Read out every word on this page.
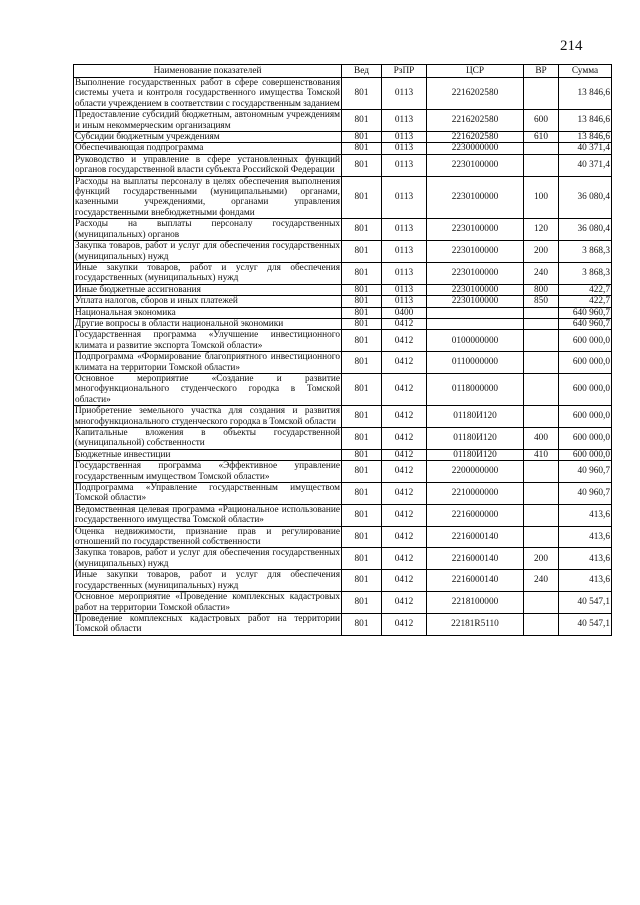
214
Наименование показателей	Вед	РзПР	ЦСР	ВР	Сумма
Выполнение государственных работ в сфере совершенствования системы учета и контроля государственного имущества Томской области учреждением в соответствии с государственным заданием	801	0113	2216202580		13 846,6
Предоставление субсидий бюджетным, автономным учреждениям и иным некоммерческим организациям	801	0113	2216202580	600	13 846,6
Субсидии бюджетным учреждениям	801	0113	2216202580	610	13 846,6
Обеспечивающая подпрограмма	801	0113	2230000000		40 371,4
Руководство и управление в сфере установленных функций органов государственной власти субъекта Российской Федерации	801	0113	2230100000		40 371,4
Расходы на выплаты персоналу в целях обеспечения выполнения функций государственными (муниципальными) органами, казенными учреждениями, органами управления государственными внебюджетными фондами	801	0113	2230100000	100	36 080,4
Расходы на выплаты персоналу государственных (муниципальных) органов	801	0113	2230100000	120	36 080,4
Закупка товаров, работ и услуг для обеспечения государственных (муниципальных) нужд	801	0113	2230100000	200	3 868,3
Иные закупки товаров, работ и услуг для обеспечения государственных (муниципальных) нужд	801	0113	2230100000	240	3 868,3
Иные бюджетные ассигнования	801	0113	2230100000	800	422,7
Уплата налогов, сборов и иных платежей	801	0113	2230100000	850	422,7
Национальная экономика	801	0400			640 960,7
Другие вопросы в области национальной экономики	801	0412			640 960,7
Государственная программа «Улучшение инвестиционного климата и развитие экспорта Томской области»	801	0412	0100000000		600 000,0
Подпрограмма «Формирование благоприятного инвестиционного климата на территории Томской области»	801	0412	0110000000		600 000,0
Основное мероприятие «Создание и развитие многофункционального студенческого городка в Томской области»	801	0412	0118000000		600 000,0
Приобретение земельного участка для создания и развития многофункционального студенческого городка в Томской области	801	0412	01180И120		600 000,0
Капитальные вложения в объекты государственной (муниципальной) собственности	801	0412	01180И120	400	600 000,0
Бюджетные инвестиции	801	0412	01180И120	410	600 000,0
Государственная программа «Эффективное управление государственным имуществом Томской области»	801	0412	2200000000		40 960,7
Подпрограмма «Управление государственным имуществом Томской области»	801	0412	2210000000		40 960,7
Ведомственная целевая программа «Рациональное использование государственного имущества Томской области»	801	0412	2216000000		413,6
Оценка недвижимости, признание прав и регулирование отношений по государственной собственности	801	0412	2216000140		413,6
Закупка товаров, работ и услуг для обеспечения государственных (муниципальных) нужд	801	0412	2216000140	200	413,6
Иные закупки товаров, работ и услуг для обеспечения государственных (муниципальных) нужд	801	0412	2216000140	240	413,6
Основное мероприятие «Проведение комплексных кадастровых работ на территории Томской области»	801	0412	2218100000		40 547,1
Проведение комплексных кадастровых работ на территории Томской области	801	0412	22181R5110		40 547,1
